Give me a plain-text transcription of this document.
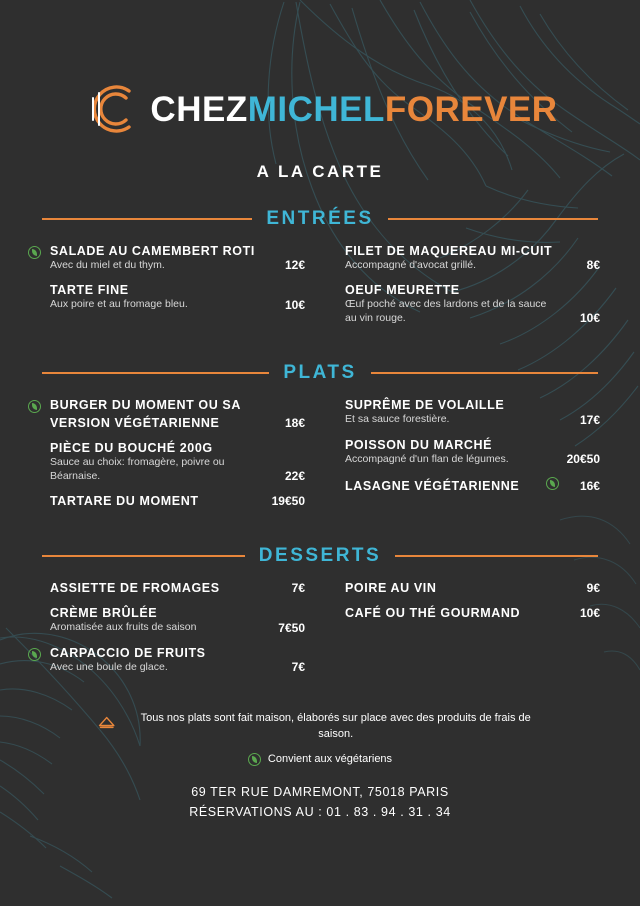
CHEZMICHELFOREVER
A LA CARTE
ENTRÉES
SALADE AU CAMEMBERT ROTI
Avec du miel et du thym.	12€
TARTE FINE
Aux poire et au fromage bleu.	10€
FILET DE MAQUEREAU MI-CUIT
Accompagné d'avocat grillé.	8€
OEUF MEURETTE
Œuf poché avec des lardons et de la sauce au vin rouge.	10€
PLATS
BURGER DU MOMENT OU SA
VERSION VÉGÉTARIENNE	18€
PIÈCE DU BOUCHÉ 200G
Sauce au choix: fromagère, poivre ou Béarnaise.	22€
TARTARE DU MOMENT	19€50
SUPRÊME DE VOLAILLE
Et sa sauce forestière.	17€
POISSON DU MARCHÉ
Accompagné d'un flan de légumes.	20€50
LASAGNE VÉGÉTARIENNE	16€
DESSERTS
ASSIETTE DE FROMAGES	7€
CRÈME BRÛLÉE
Aromatisée aux fruits de saison	7€50
CARPACCIO DE FRUITS
Avec une boule de glace.	7€
POIRE AU VIN	9€
CAFÉ OU THÉ GOURMAND	10€
Tous nos plats sont fait maison, élaborés sur place avec des produits de frais de saison.
Convient aux végétariens
69 TER RUE DAMREMONT, 75018 PARIS
RÉSERVATIONS AU : 01 . 83 . 94 . 31 . 34
